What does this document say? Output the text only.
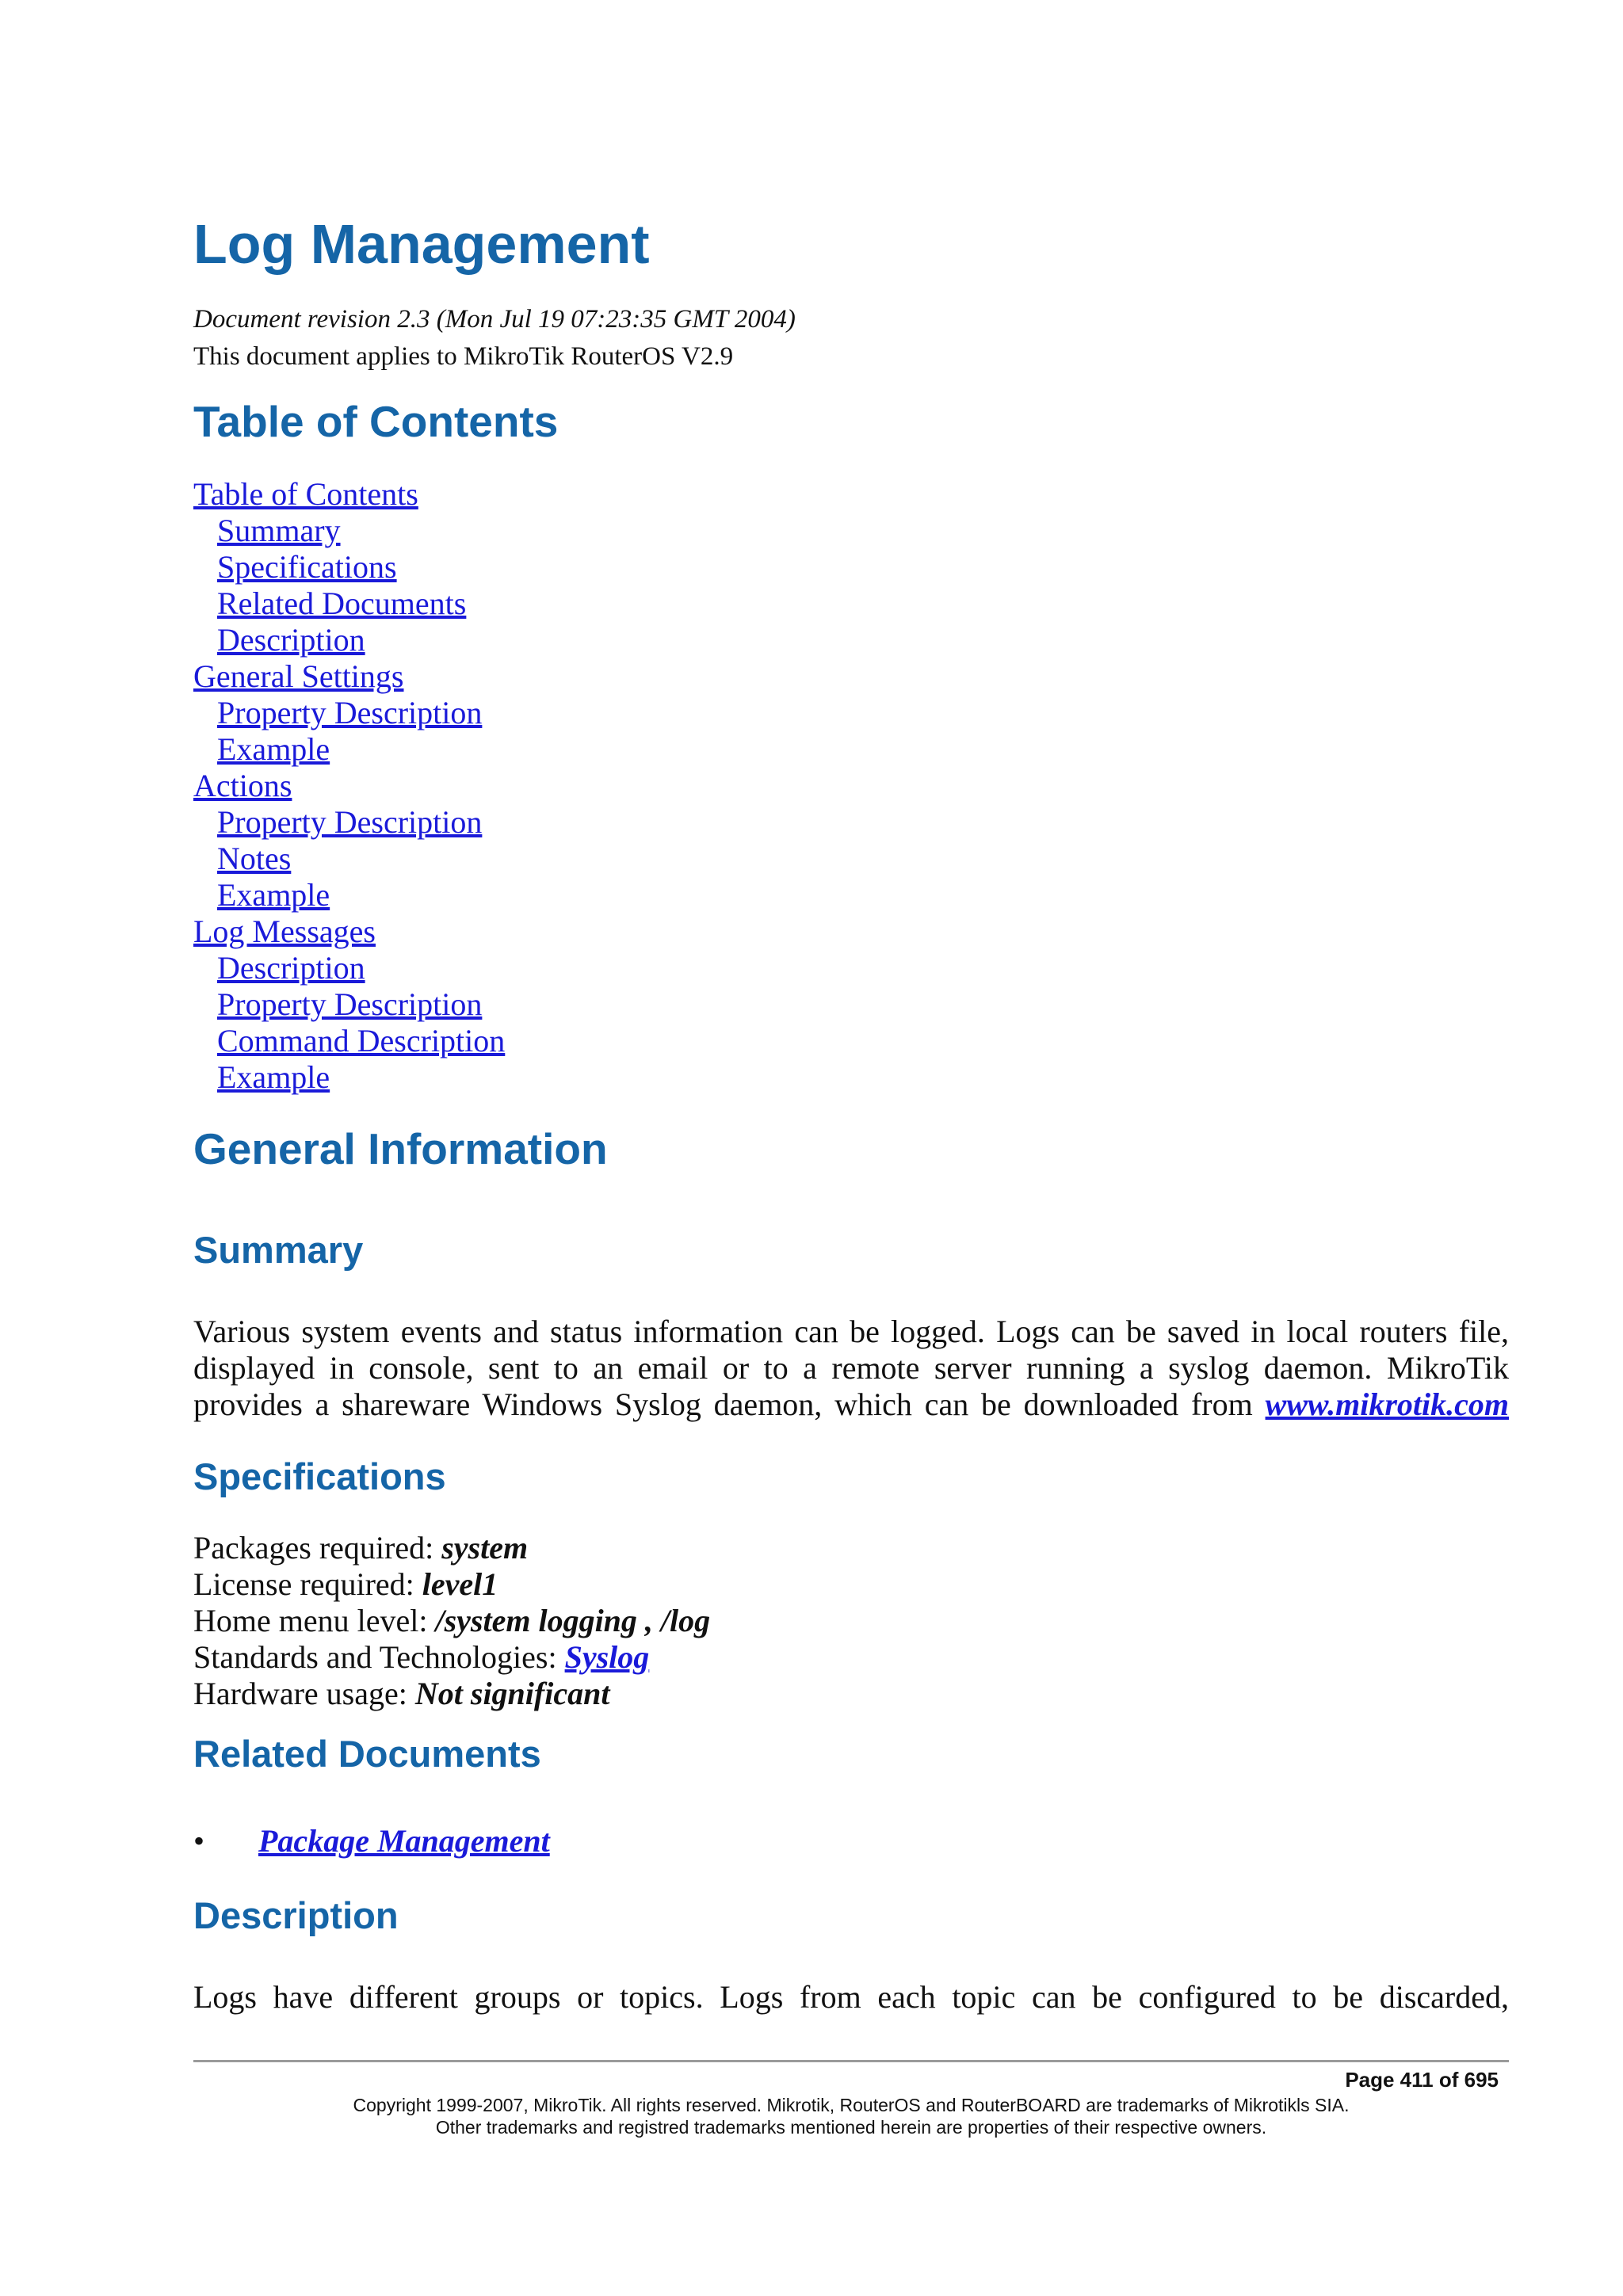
Log Management
Document revision 2.3 (Mon Jul 19 07:23:35 GMT 2004)
This document applies to MikroTik RouterOS V2.9
Table of Contents
Table of Contents
Summary
Specifications
Related Documents
Description
General Settings
Property Description
Example
Actions
Property Description
Notes
Example
Log Messages
Description
Property Description
Command Description
Example
General Information
Summary
Various system events and status information can be logged. Logs can be saved in local routers file,
displayed in console, sent to an email or to a remote server running a syslog daemon. MikroTik
provides a shareware Windows Syslog daemon, which can be downloaded from www.mikrotik.com
Specifications
Packages required: system
License required: level1
Home menu level: /system logging , /log
Standards and Technologies: Syslog
Hardware usage: Not significant
Related Documents
• Package Management
Description
Logs have different groups or topics. Logs from each topic can be configured to be discarded,
Page 411 of 695
Copyright 1999-2007, MikroTik. All rights reserved. Mikrotik, RouterOS and RouterBOARD are trademarks of Mikrotikls SIA.
Other trademarks and registred trademarks mentioned herein are properties of their respective owners.
